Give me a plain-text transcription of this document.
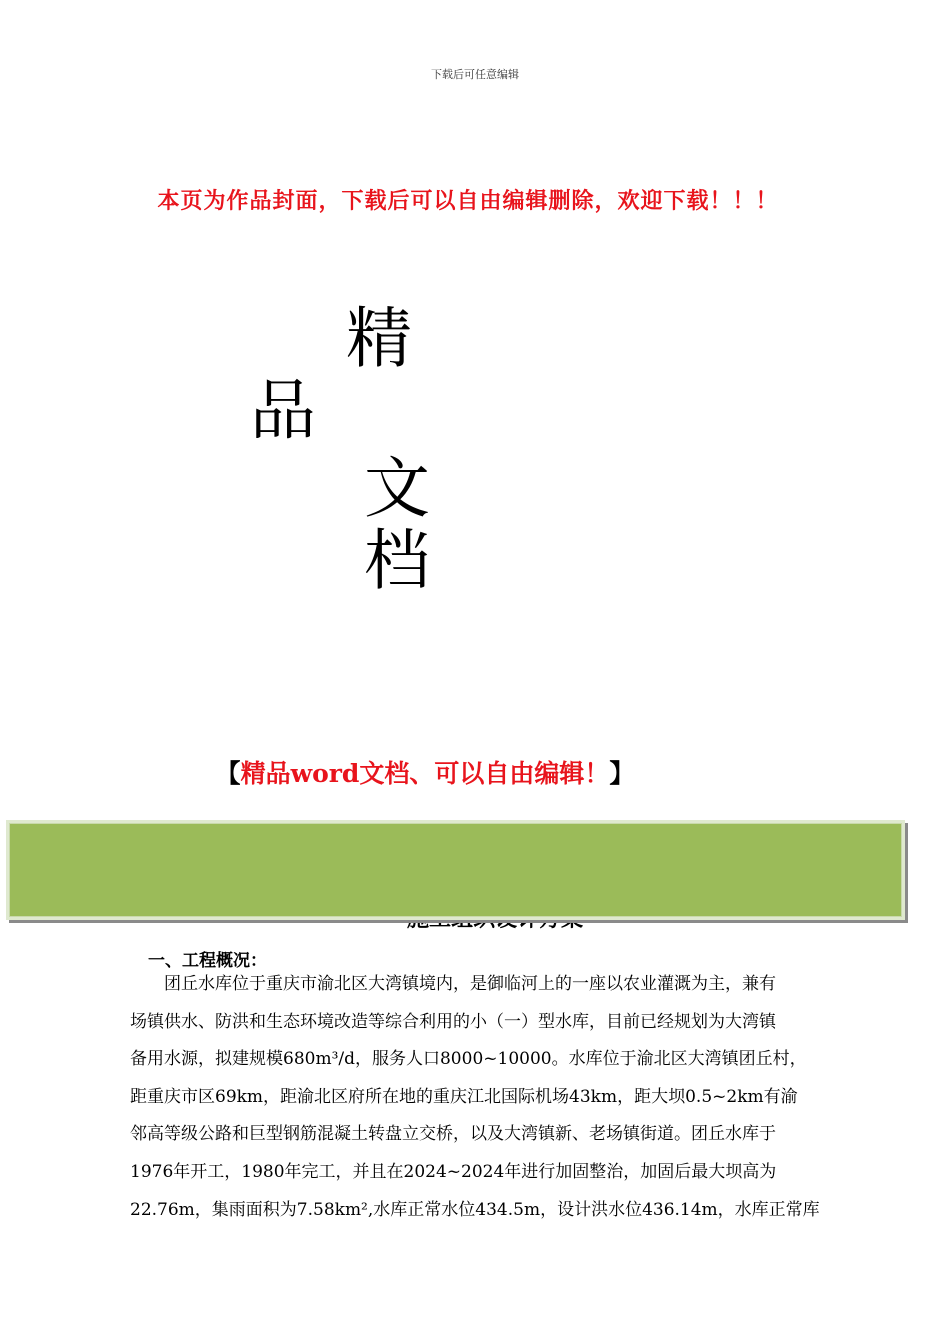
下载后可任意编辑
本页为作品封面，下载后可以自由编辑删除，欢迎下载！！！
精
品
文
档
【精品word文档、可以自由编辑！】
一、工程概况：
团丘水库位于重庆市渝北区大湾镇境内，是御临河上的一座以农业灌溉为主，兼有
场镇供水、防洪和生态环境改造等综合利用的小（一）型水库，目前已经规划为大湾镇
备用水源，拟建规模680m³/d，服务人口8000~10000。水库位于渝北区大湾镇团丘村，
距重庆市区69km，距渝北区府所在地的重庆江北国际机场43km，距大坝0.5~2km有渝
邻高等级公路和巨型钢筋混凝土转盘立交桥，以及大湾镇新、老场镇街道。团丘水库于
1976年开工，1980年完工，并且在2024~2024年进行加固整治，加固后最大坝高为
22.76m，集雨面积为7.58km²,水库正常水位434.5m，设计洪水位436.14m，水库正常库
